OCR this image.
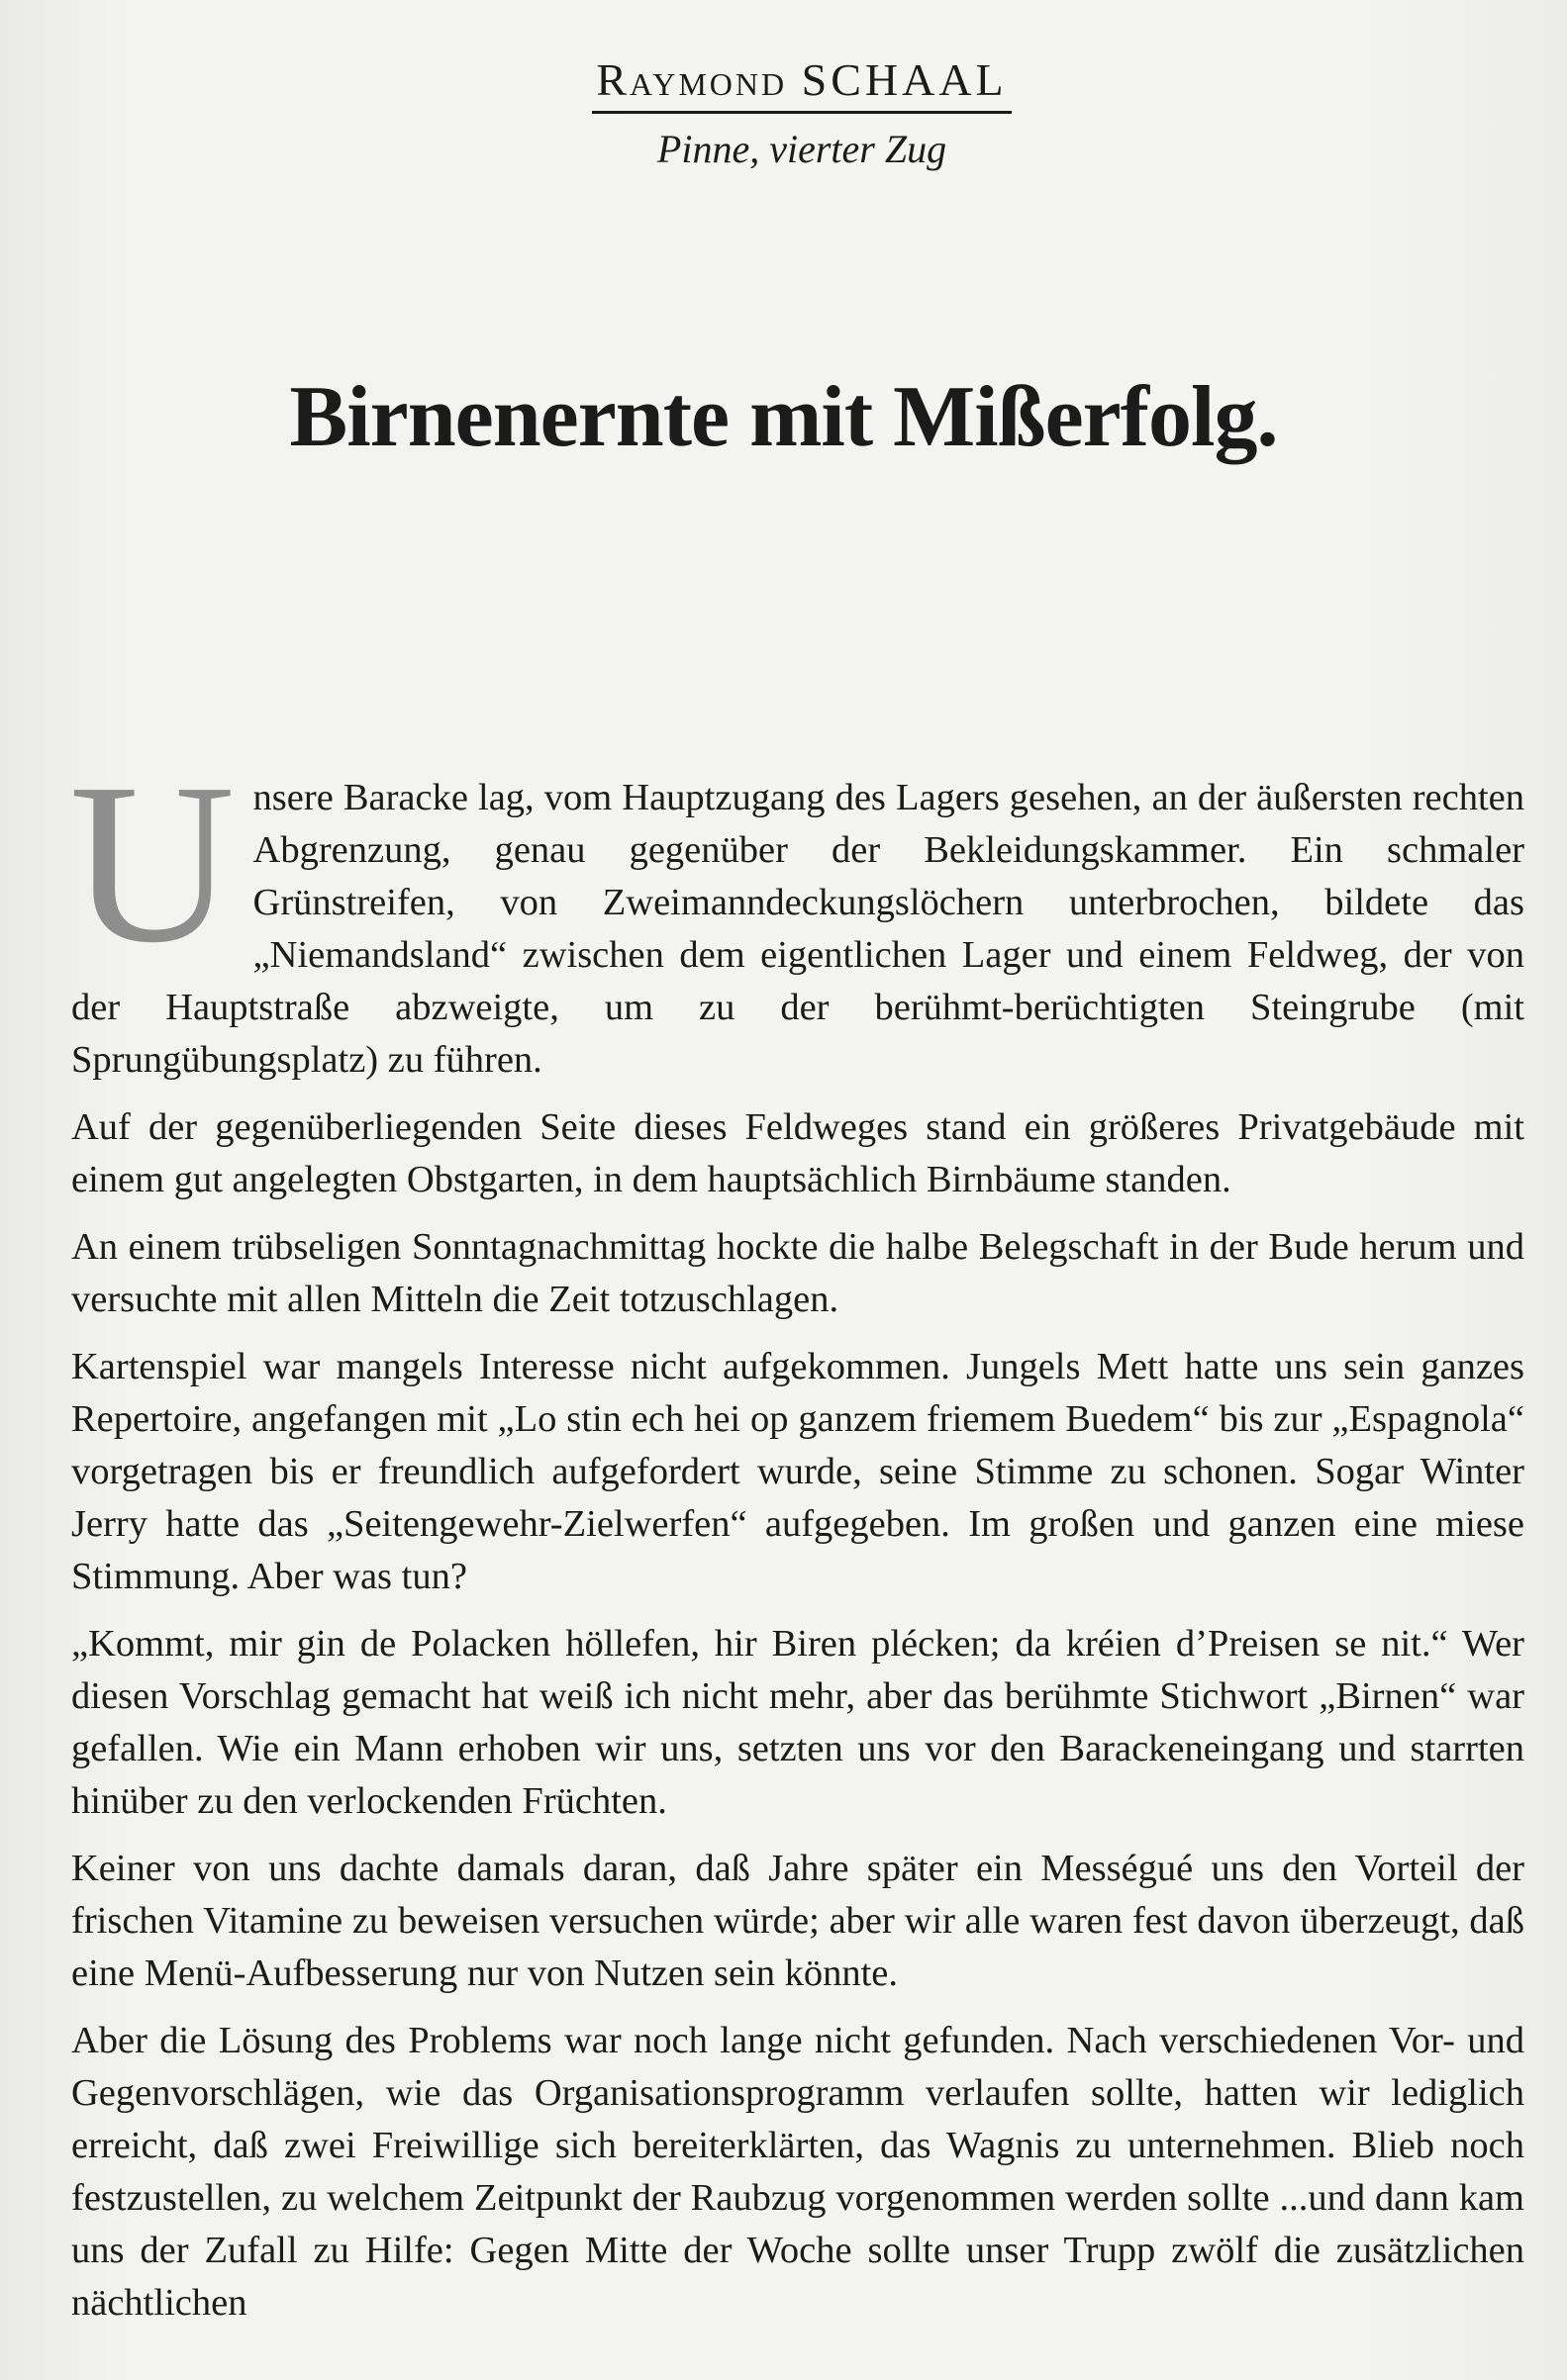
Raymond SCHAAL
Pinne, vierter Zug
Birnenernte mit Mißerfolg.

Unsere Baracke lag, vom Hauptzugang des Lagers gesehen, an der äußersten rechten Abgrenzung, genau gegenüber der Bekleidungskammer. Ein schmaler Grünstreifen, von Zweimanndeckungslöchern unterbrochen, bildete das „Niemandsland“ zwischen dem eigentlichen Lager und einem Feldweg, der von der Hauptstraße abzweigte, um zu der berühmt-berüchtigten Steingrube (mit Sprungübungsplatz) zu führen.

Auf der gegenüberliegenden Seite dieses Feldweges stand ein größeres Privatgebäude mit einem gut angelegten Obstgarten, in dem hauptsächlich Birnbäume standen.

An einem trübseligen Sonntagnachmittag hockte die halbe Belegschaft in der Bude herum und versuchte mit allen Mitteln die Zeit totzuschlagen.

Kartenspiel war mangels Interesse nicht aufgekommen. Jungels Mett hatte uns sein ganzes Repertoire, angefangen mit „Lo stin ech hei op ganzem friemem Buedem“ bis zur „Espagnola“ vorgetragen bis er freundlich aufgefordert wurde, seine Stimme zu schonen. Sogar Winter Jerry hatte das „Seitengewehr-Zielwerfen“ aufgegeben. Im großen und ganzen eine miese Stimmung. Aber was tun?

„Kommt, mir gin de Polacken höllefen, hir Biren plécken; da kréien d’Preisen se nit.“ Wer diesen Vorschlag gemacht hat weiß ich nicht mehr, aber das berühmte Stichwort „Birnen“ war gefallen. Wie ein Mann erhoben wir uns, setzten uns vor den Barackeneingang und starrten hinüber zu den verlockenden Früchten.

Keiner von uns dachte damals daran, daß Jahre später ein Mességué uns den Vorteil der frischen Vitamine zu beweisen versuchen würde; aber wir alle waren fest davon überzeugt, daß eine Menü-Aufbesserung nur von Nutzen sein könnte.

Aber die Lösung des Problems war noch lange nicht gefunden. Nach verschiedenen Vor- und Gegenvorschlägen, wie das Organisationsprogramm verlaufen sollte, hatten wir lediglich erreicht, daß zwei Freiwillige sich bereiterklärten, das Wagnis zu unternehmen. Blieb noch festzustellen, zu welchem Zeitpunkt der Raubzug vorgenommen werden sollte ...und dann kam uns der Zufall zu Hilfe: Gegen Mitte der Woche sollte unser Trupp zwölf die zusätzlichen nächtlichen
